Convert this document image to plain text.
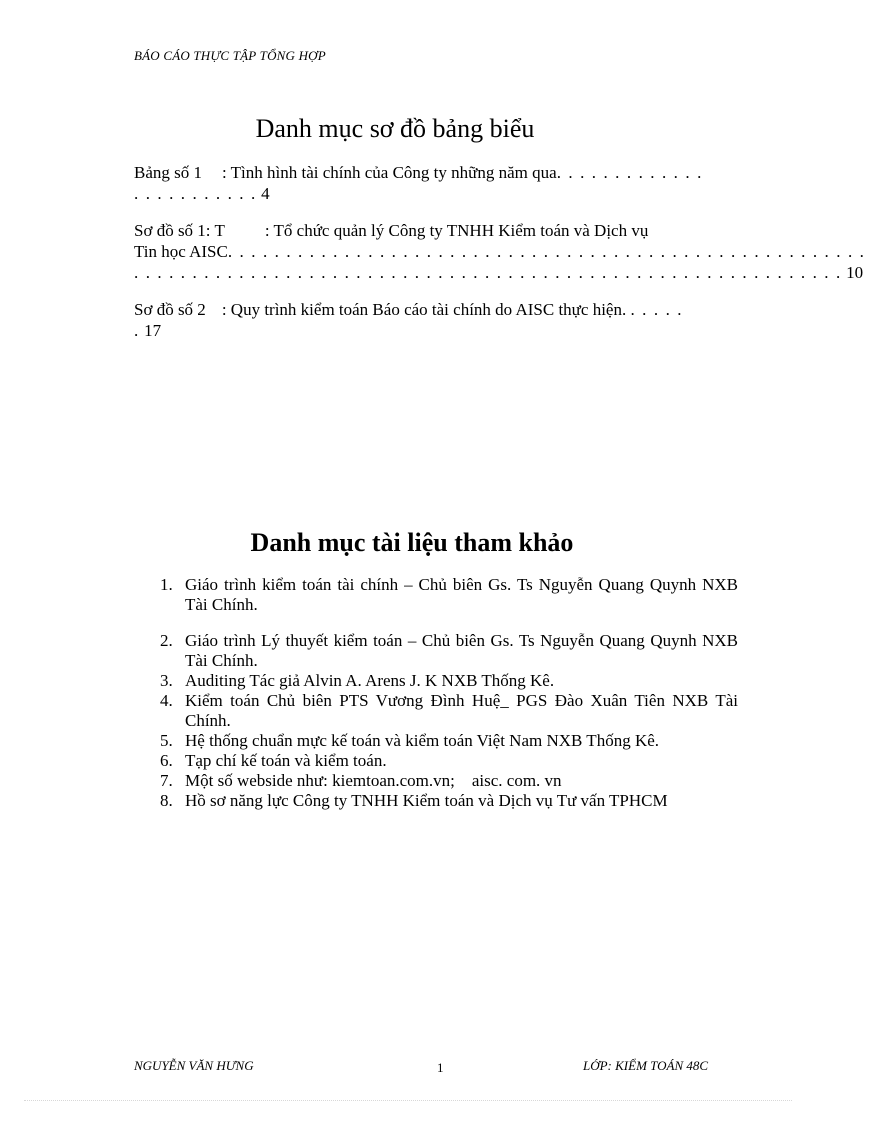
BÁO CÁO THỰC TẬP TỔNG HỢP
Danh mục sơ đồ bảng biểu
Bảng số 1 : Tình hình tài chính của Công ty những năm qua. . . . . . . . . . . . .
. . . . . . . . . . . 4
Sơ đồ số 1: T : Tổ chức quản lý Công ty TNHH Kiểm toán và Dịch vụ
Tin học AISC. . . . . . . . . . . . . . . . . . . . . . . . . . . . . . . . . . . . . . . . . . . . . . . . . . . . . . .
. . . . . . . . . . . . . . . . . . . . . . . . . . . . . . . . . . . . . . . . . . . . . . . . . . . . . . . . . . . . . 10
Sơ đồ số 2 : Quy trình kiểm toán Báo cáo tài chính do AISC thực hiện. . . . . .
. 17
Danh mục tài liệu tham khảo
1. Giáo trình kiểm toán tài chính – Chủ biên Gs. Ts Nguyễn Quang Quynh NXB Tài Chính.
2. Giáo trình Lý thuyết kiểm toán – Chủ biên Gs. Ts Nguyễn Quang Quynh NXB Tài Chính.
3. Auditing Tác giả Alvin A. Arens J. K NXB Thống Kê.
4. Kiểm toán Chủ biên PTS Vương Đình Huệ_ PGS Đào Xuân Tiên NXB Tài Chính.
5. Hệ thống chuẩn mực kế toán và kiểm toán Việt Nam NXB Thống Kê.
6. Tạp chí kế toán và kiểm toán.
7. Một số webside như: kiemtoan.com.vn;    aisc. com. vn
8. Hồ sơ năng lực Công ty TNHH Kiểm toán và Dịch vụ Tư vấn TPHCM
NGUYỄN VĂN HƯNG	1	LỚP: KIỂM TOÁN 48C
